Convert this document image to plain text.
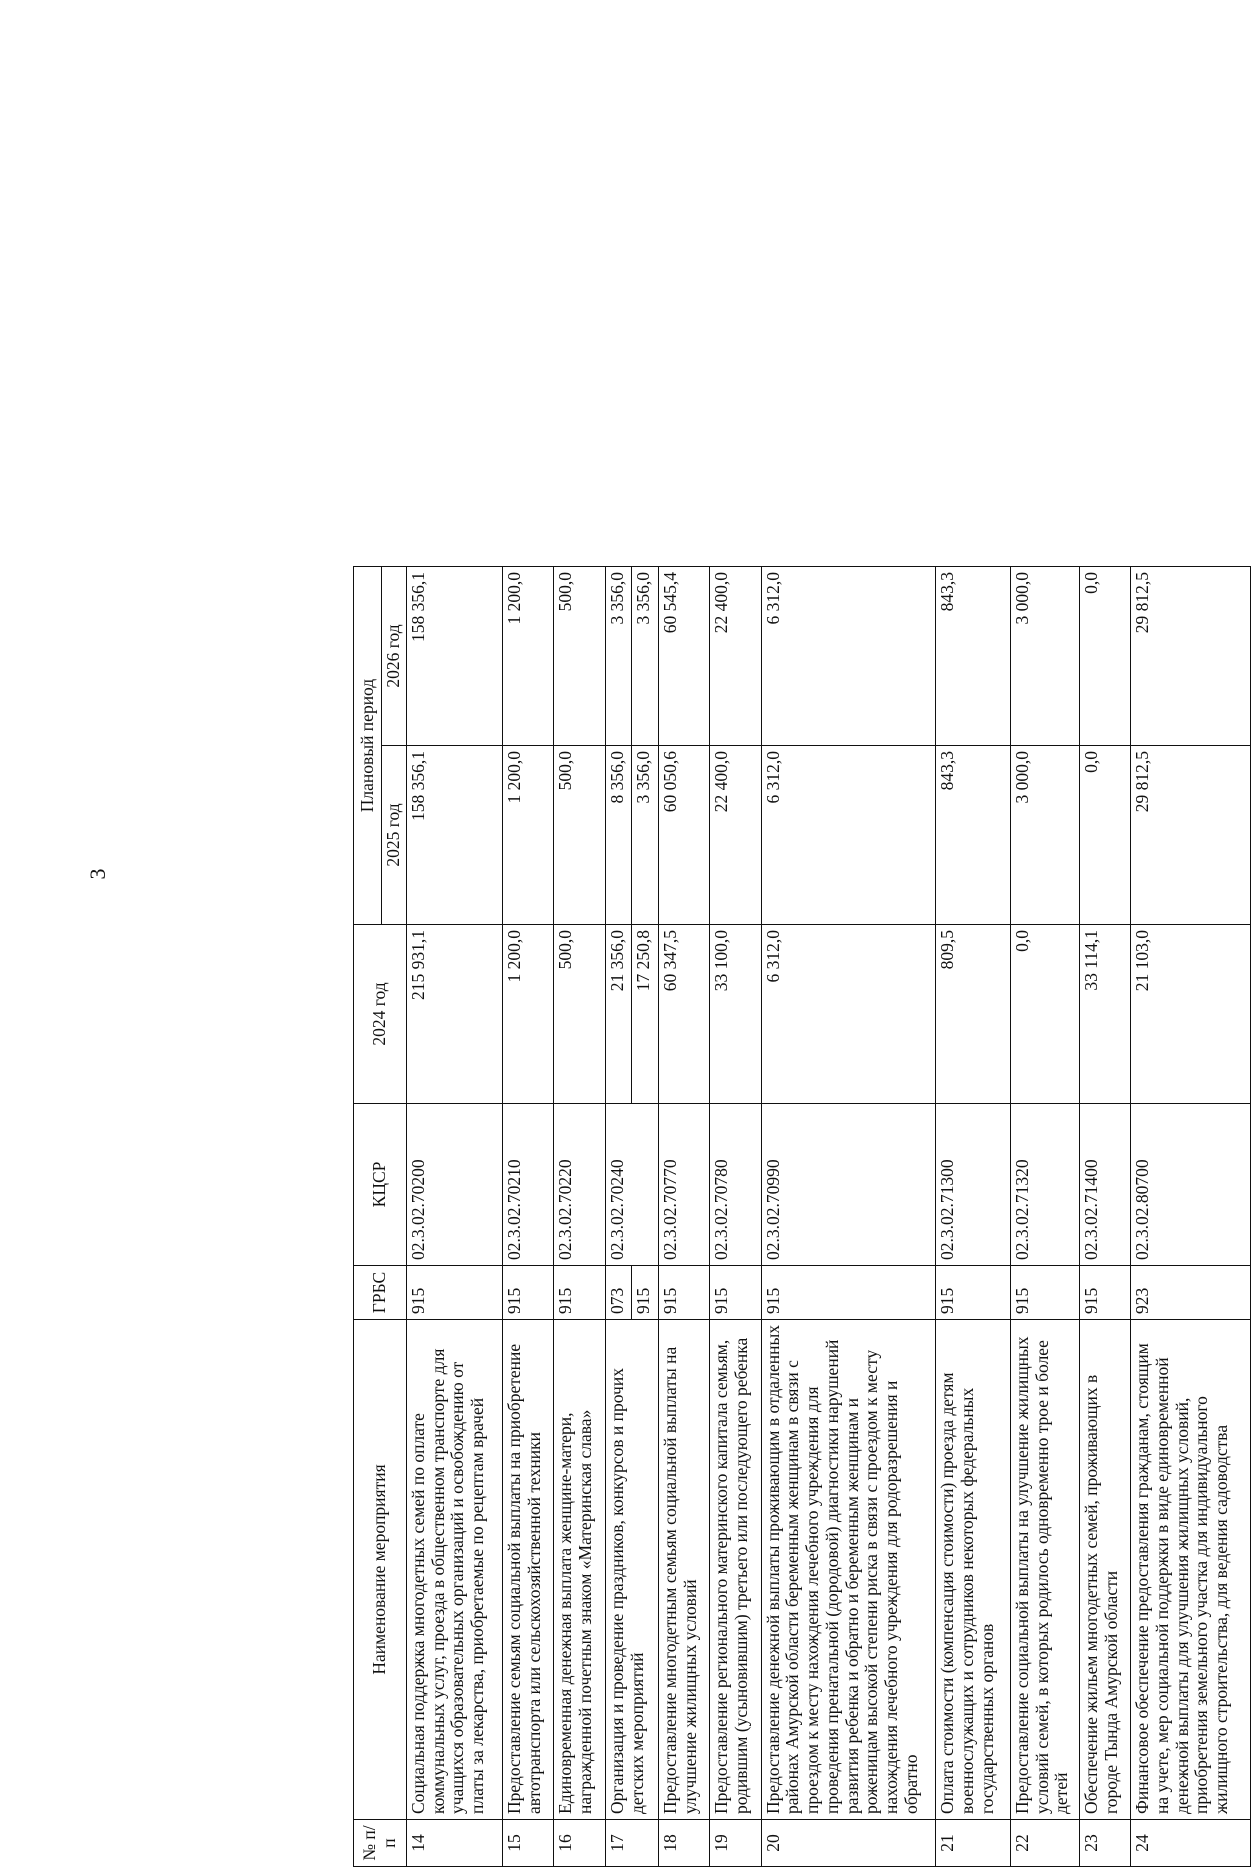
3
№ п/п	Наименование мероприятия	ГРБС	КЦСР	2024 год	Плановый период	
					2025 год	2026 год
14	Социальная поддержка многодетных семей по оплате коммунальных услуг, проезда в общественном транспорте для учащихся образовательных организаций и освобождению от платы за лекарства, приобретаемые по рецептам врачей	915	02.3.02.70200	215 931,1	158 356,1	158 356,1
15	Предоставление семьям социальной выплаты на приобретение автотранспорта или сельскохозяйственной техники	915	02.3.02.70210	1 200,0	1 200,0	1 200,0
16	Единовременная денежная выплата женщине-матери, награжденной почетным знаком «Материнская слава»	915	02.3.02.70220	500,0	500,0	500,0
17	Организация и проведение праздников, конкурсов и прочих детских мероприятий	073	02.3.02.70240	21 356,0	8 356,0	3 356,0
		915		17 250,8	3 356,0	3 356,0
18	Предоставление многодетным семьям социальной выплаты на улучшение жилищных условий	915	02.3.02.70770	60 347,5	60 050,6	60 545,4
19	Предоставление регионального материнского капитала семьям, родившим (усыновившим) третьего или последующего ребенка	915	02.3.02.70780	33 100,0	22 400,0	22 400,0
20	Предоставление денежной выплаты проживающим в отдаленных районах Амурской области беременным женщинам в связи с проездом к месту нахождения лечебного учреждения для проведения пренатальной (дородовой) диагностики нарушений развития ребенка и обратно и беременным женщинам и роженицам высокой степени риска в связи с проездом к месту нахождения лечебного учреждения для родоразрешения и обратно	915	02.3.02.70990	6 312,0	6 312,0	6 312,0
21	Оплата стоимости (компенсация стоимости) проезда детям военнослужащих и сотрудников некоторых федеральных государственных органов	915	02.3.02.71300	809,5	843,3	843,3
22	Предоставление социальной выплаты на улучшение жилищных условий семей, в которых родилось одновременно трое и более детей	915	02.3.02.71320	0,0	3 000,0	3 000,0
23	Обеспечение жильем многодетных семей, проживающих в городе Тында Амурской области	915	02.3.02.71400	33 114,1	0,0	0,0
24	Финансовое обеспечение предоставления гражданам, стоящим на учете, мер социальной поддержки в виде единовременной денежной выплаты для улучшения жилищных условий, приобретения земельного участка для индивидуального жилищного строительства, для ведения садоводства	923	02.3.02.80700	21 103,0	29 812,5	29 812,5
